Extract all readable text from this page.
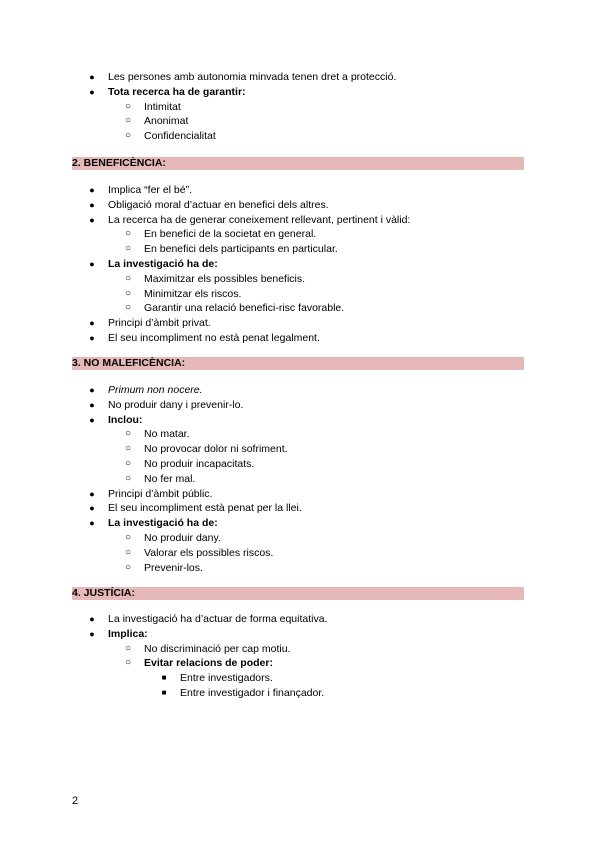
●	Les persones amb autonomia minvada tenen dret a protecció.
●	Tota recerca ha de garantir:
○ Intimitat
○ Anonimat
○ Confidencialitat
2. BENEFICÈNCIA:
●	Implica “fer el bé”.
●	Obligació moral d’actuar en benefici dels altres.
●	La recerca ha de generar coneixement rellevant, pertinent i vàlid:
○ En benefici de la societat en general.
○ En benefici dels participants en particular.
●	La investigació ha de:
○ Maximitzar els possibles beneficis.
○ Minimitzar els riscos.
○ Garantir una relació benefici-risc favorable.
●	Principi d’àmbit privat.
●	El seu incompliment no està penat legalment.
3. NO MALEFICÈNCIA:
●	Primum non nocere.
●	No produir dany i prevenir-lo.
●	Inclou:
○ No matar.
○ No provocar dolor ni sofriment.
○ No produir incapacitats.
○ No fer mal.
●	Principi d’àmbit públic.
●	El seu incompliment està penat per la llei.
●	La investigació ha de:
○ No produir dany.
○ Valorar els possibles riscos.
○ Prevenir-los.
4. JUSTÍCIA:
●	La investigació ha d’actuar de forma equitativa.
●	Implica:
○ No discriminació per cap motiu.
○ Evitar relacions de poder:
■	Entre investigadors.
■	Entre investigador i finançador.
2
